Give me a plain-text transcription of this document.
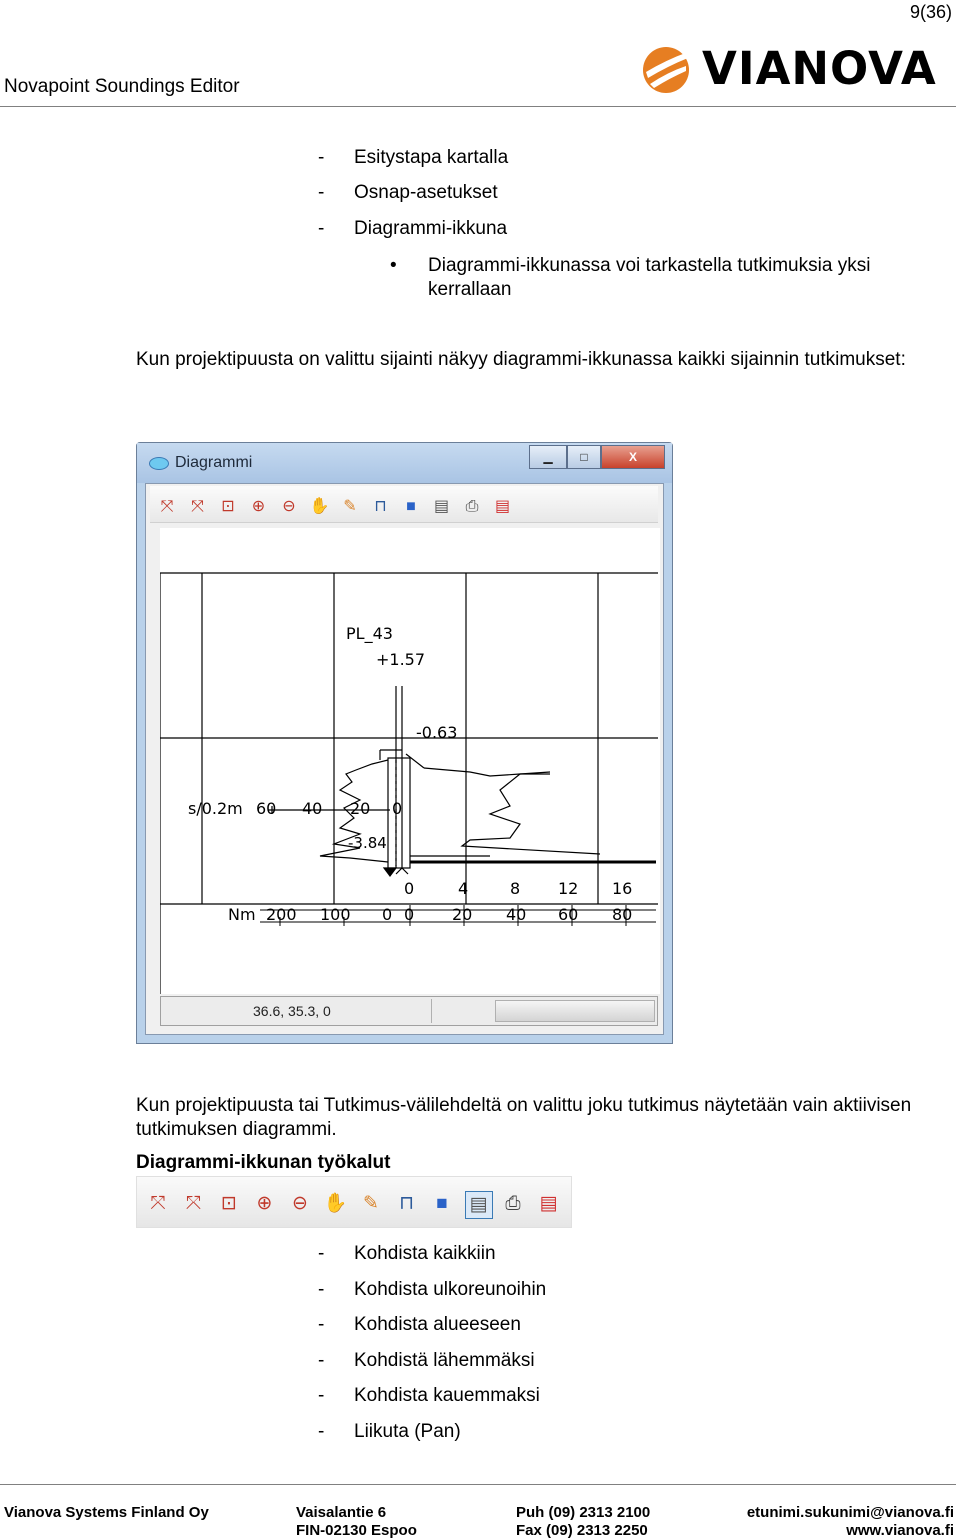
9(36)
Novapoint Soundings Editor	VIANOVA
- Esitystapa kartalla
- Osnap-asetukset
- Diagrammi-ikkuna
• Diagrammi-ikkunassa voi tarkastella tutkimuksia yksi kerrallaan
Kun projektipuusta on valittu sijainti näkyy diagrammi-ikkunassa kaikki sijainnin tutkimukset:
Diagrammi	▁	□	X
⤧ ⤧ ⊡ ⊕ ⊖ ✋ ✎ ⊓	■	▤ ⎙ ▤
PL_43
+1.57
-0.63
-3.84
s/0.2m 60 40 20 0
0	4	8 12 16
Nm 200 100 0 0 20 40 60 80
36.6, 35.3, 0
Kun projektipuusta tai Tutkimus-välilehdeltä on valittu joku tutkimus näytetään vain aktiivisen tutkimuksen diagrammi.
Diagrammi-ikkunan työkalut
⤧ ⤧ ⊡ ⊕ ⊖ ✋ ✎ ⊓	■	▤ ⎙ ▤
- Kohdista kaikkiin
- Kohdista ulkoreunoihin
- Kohdista alueeseen
- Kohdistä lähemmäksi
- Kohdista kauemmaksi
- Liikuta (Pan)
Vianova Systems Finland Oy	Vaisalantie 6
FIN-02130 Espoo
Puh (09) 2313 2100
Fax (09) 2313 2250
etunimi.sukunimi@vianova.fi
www.vianova.fi
